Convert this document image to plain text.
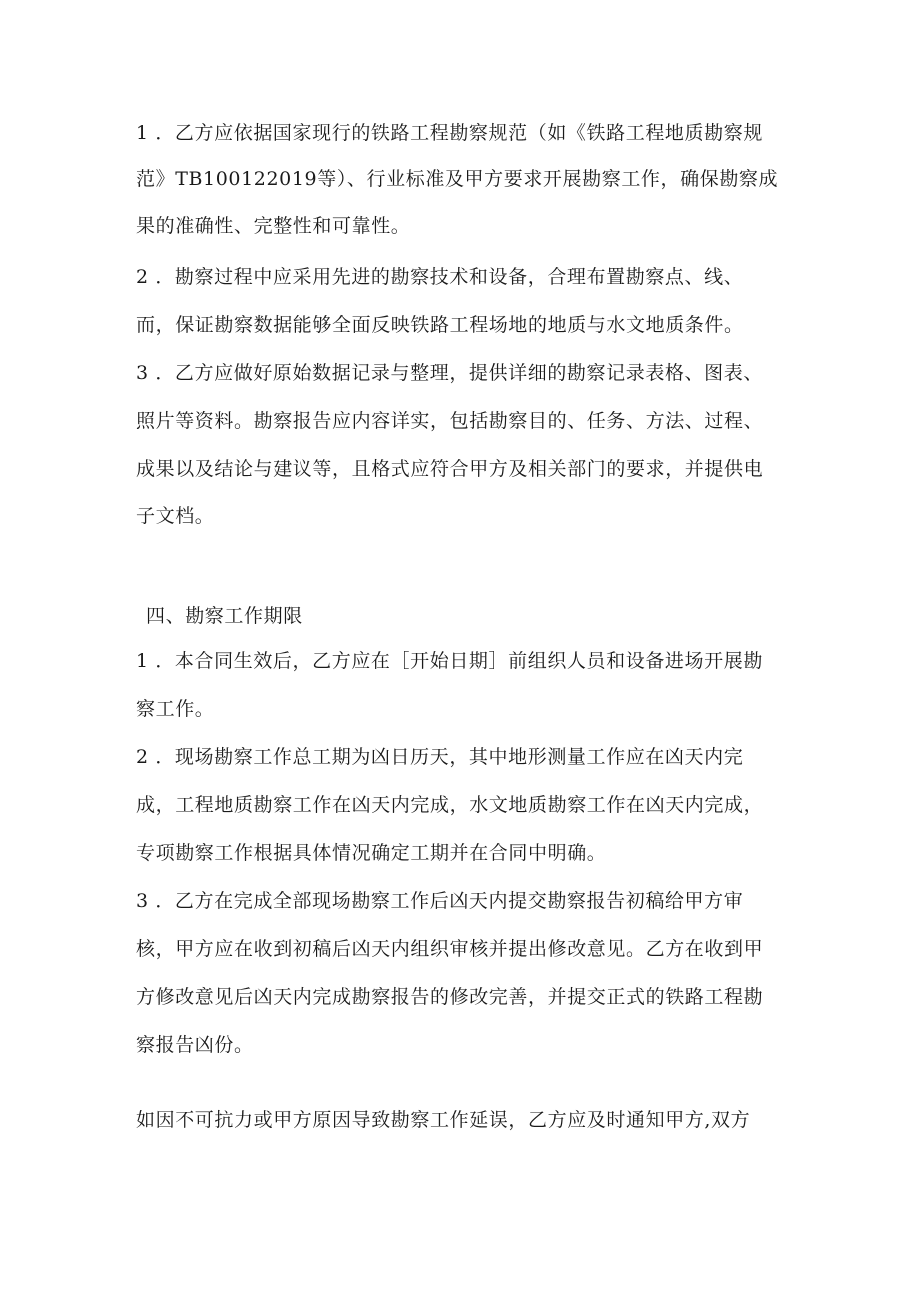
1 ．乙方应依据国家现行的铁路工程勘察规范（如《铁路工程地质勘察规
范》TB100122019等）、行业标准及甲方要求开展勘察工作，确保勘察成
果的准确性、完整性和可靠性。
2 ．勘察过程中应采用先进的勘察技术和设备，合理布置勘察点、线、
而，保证勘察数据能够全面反映铁路工程场地的地质与水文地质条件。
3 ．乙方应做好原始数据记录与整理，提供详细的勘察记录表格、图表、
照片等资料。勘察报告应内容详实，包括勘察目的、任务、方法、过程、
成果以及结论与建议等，且格式应符合甲方及相关部门的要求，并提供电
子文档。
四、勘察工作期限
1 ．本合同生效后，乙方应在［开始日期］前组织人员和设备进场开展勘
察工作。
2 ．现场勘察工作总工期为凶日历天，其中地形测量工作应在凶天内完
成，工程地质勘察工作在凶天内完成，水文地质勘察工作在凶天内完成，
专项勘察工作根据具体情况确定工期并在合同中明确。
3 ．乙方在完成全部现场勘察工作后凶天内提交勘察报告初稿给甲方审
核，甲方应在收到初稿后凶天内组织审核并提出修改意见。乙方在收到甲
方修改意见后凶天内完成勘察报告的修改完善，并提交正式的铁路工程勘
察报告凶份。
如因不可抗力或甲方原因导致勘察工作延误，乙方应及时通知甲方,双方
